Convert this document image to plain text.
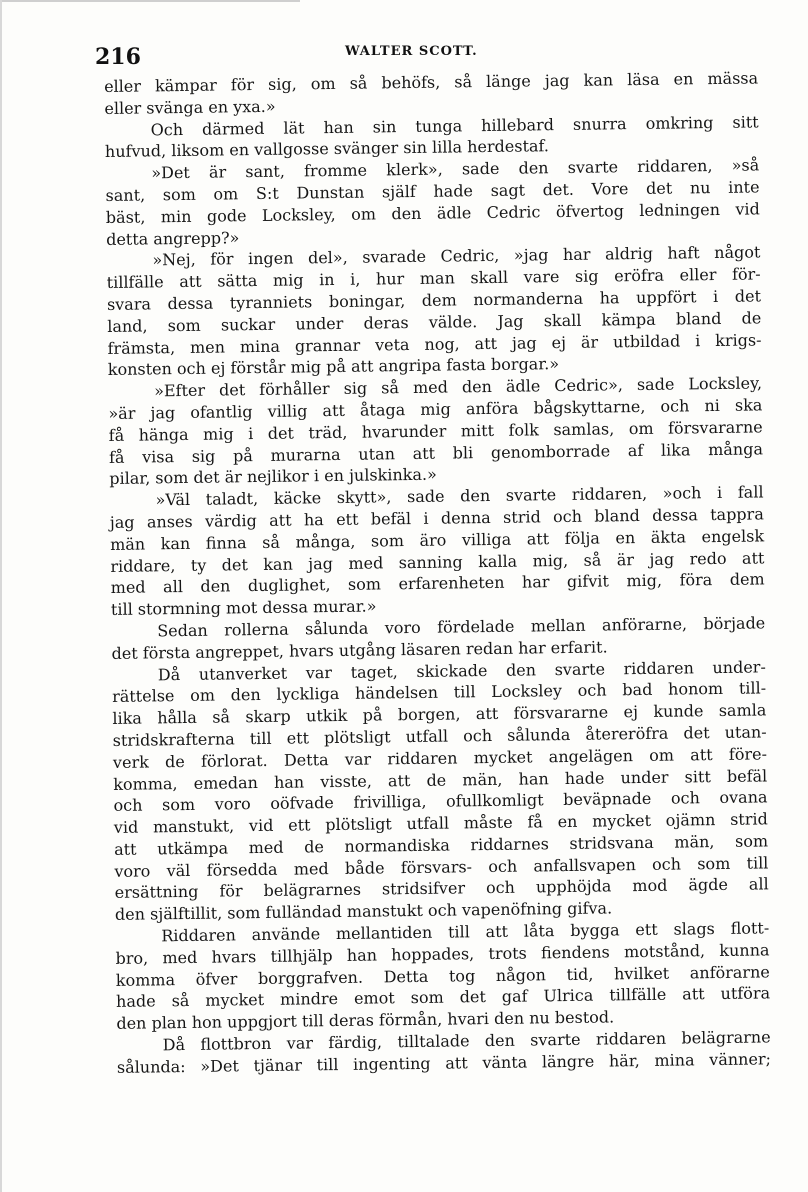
216	WALTER SCOTT.
eller kämpar för sig, om så behöfs, så länge jag kan läsa en mässa
eller svänga en yxa.»
Och därmed lät han sin tunga hillebard snurra omkring sitt
hufvud, liksom en vallgosse svänger sin lilla herdestaf.
»Det är sant, fromme klerk», sade den svarte riddaren, »så
sant, som om S:t Dunstan själf hade sagt det. Vore det nu inte
bäst, min gode Locksley, om den ädle Cedric öfvertog ledningen vid
detta angrepp?»
»Nej, för ingen del», svarade Cedric, »jag har aldrig haft något
tillfälle att sätta mig in i, hur man skall vare sig eröfra eller för-
svara dessa tyranniets boningar, dem normanderna ha uppfört i det
land, som suckar under deras välde. Jag skall kämpa bland de
främsta, men mina grannar veta nog, att jag ej är utbildad i krigs-
konsten och ej förstår mig på att angripa fasta borgar.»
»Efter det förhåller sig så med den ädle Cedric», sade Locksley,
»är jag ofantlig villig att åtaga mig anföra bågskyttarne, och ni ska
få hänga mig i det träd, hvarunder mitt folk samlas, om försvararne
få visa sig på murarna utan att bli genomborrade af lika många
pilar, som det är nejlikor i en julskinka.»
»Väl taladt, käcke skytt», sade den svarte riddaren, »och i fall
jag anses värdig att ha ett befäl i denna strid och bland dessa tappra
män kan finna så många, som äro villiga att följa en äkta engelsk
riddare, ty det kan jag med sanning kalla mig, så är jag redo att
med all den duglighet, som erfarenheten har gifvit mig, föra dem
till stormning mot dessa murar.»
Sedan rollerna sålunda voro fördelade mellan anförarne, började
det första angreppet, hvars utgång läsaren redan har erfarit.
Då utanverket var taget, skickade den svarte riddaren under-
rättelse om den lyckliga händelsen till Locksley och bad honom till-
lika hålla så skarp utkik på borgen, att försvararne ej kunde samla
stridskrafterna till ett plötsligt utfall och sålunda återeröfra det utan-
verk de förlorat. Detta var riddaren mycket angelägen om att före-
komma, emedan han visste, att de män, han hade under sitt befäl
och som voro oöfvade frivilliga, ofullkomligt beväpnade och ovana
vid manstukt, vid ett plötsligt utfall måste få en mycket ojämn strid
att utkämpa med de normandiska riddarnes stridsvana män, som
voro väl försedda med både försvars- och anfallsvapen och som till
ersättning för belägrarnes stridsifver och upphöjda mod ägde all
den själftillit, som fulländad manstukt och vapenöfning gifva.
Riddaren använde mellantiden till att låta bygga ett slags flott-
bro, med hvars tillhjälp han hoppades, trots fiendens motstånd, kunna
komma öfver borggrafven. Detta tog någon tid, hvilket anförarne
hade så mycket mindre emot som det gaf Ulrica tillfälle att utföra
den plan hon uppgjort till deras förmån, hvari den nu bestod.
Då flottbron var färdig, tilltalade den svarte riddaren belägrarne
sålunda: »Det tjänar till ingenting att vänta längre här, mina vänner;
